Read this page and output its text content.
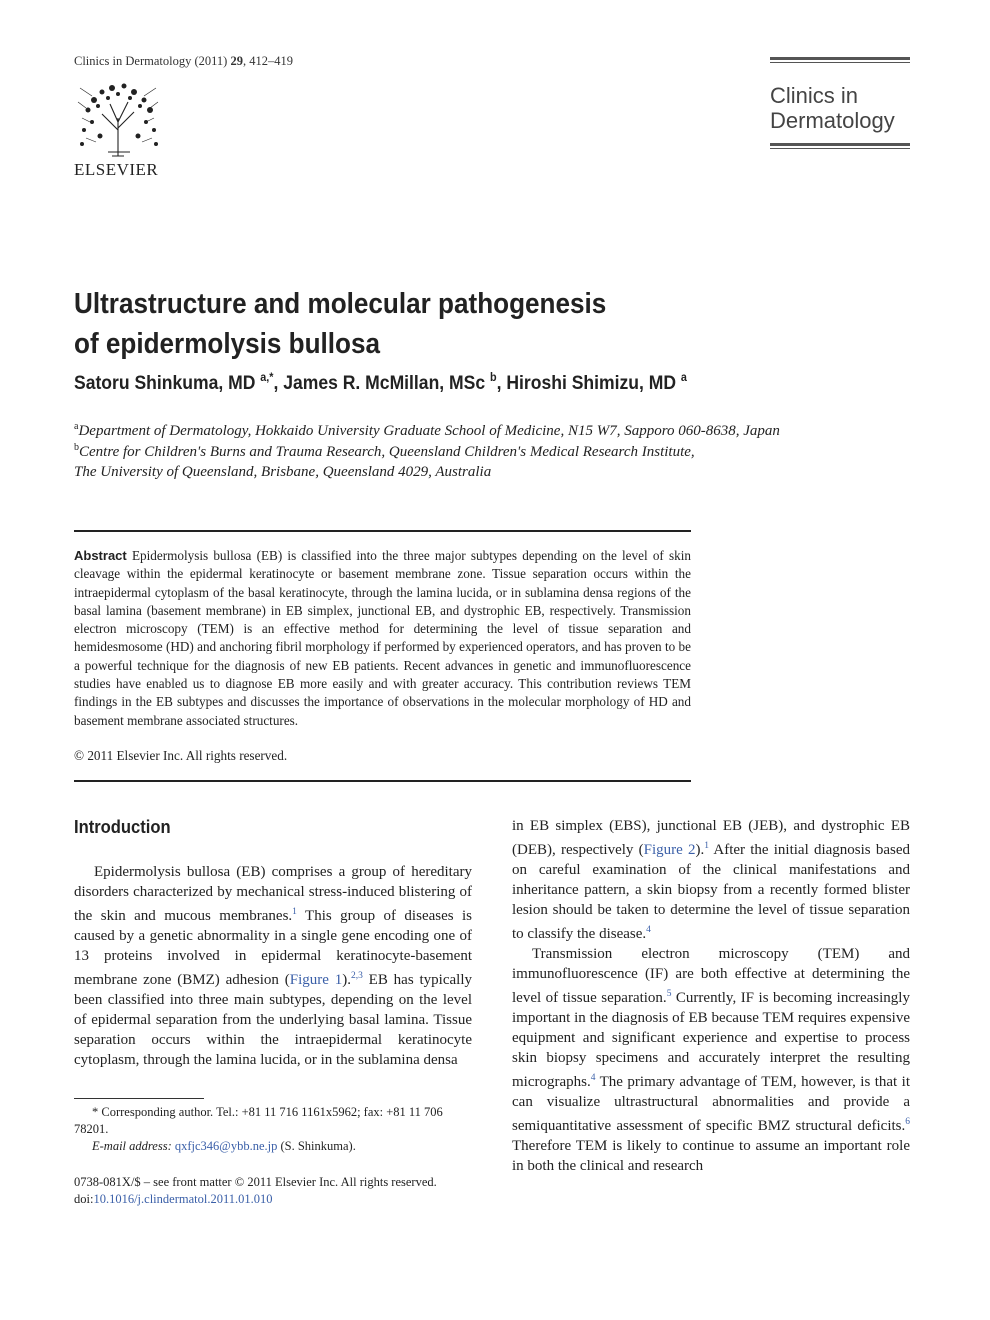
Clinics in Dermatology (2011) 29, 412–419
ELSEVIER
Clinics in
Dermatology
Ultrastructure and molecular pathogenesis
of epidermolysis bullosa
Satoru Shinkuma, MD $^{a,*}$, James R. McMillan, MSc $^b$, Hiroshi Shimizu, MD $^a$
$^a$Department of Dermatology, Hokkaido University Graduate School of Medicine, N15 W7, Sapporo 060-8638, Japan
$^b$Centre for Children's Burns and Trauma Research, Queensland Children's Medical Research Institute,
The University of Queensland, Brisbane, Queensland 4029, Australia
Abstract Epidermolysis bullosa (EB) is classified into the three major subtypes depending on the level of skin cleavage within the epidermal keratinocyte or basement membrane zone. Tissue separation occurs within the intraepidermal cytoplasm of the basal keratinocyte, through the lamina lucida, or in sublamina densa regions of the basal lamina (basement membrane) in EB simplex, junctional EB, and dystrophic EB, respectively. Transmission electron microscopy (TEM) is an effective method for determining the level of tissue separation and hemidesmosome (HD) and anchoring fibril morphology if performed by experienced operators, and has proven to be a powerful technique for the diagnosis of new EB patients. Recent advances in genetic and immunofluorescence studies have enabled us to diagnose EB more easily and with greater accuracy. This contribution reviews TEM findings in the EB subtypes and discusses the importance of observations in the molecular morphology of HD and basement membrane associated structures.
© 2011 Elsevier Inc. All rights reserved.
Introduction

Epidermolysis bullosa (EB) comprises a group of hereditary disorders characterized by mechanical stress-induced blistering of the skin and mucous membranes.$^1$ This group of diseases is caused by a genetic abnormality in a single gene encoding one of 13 proteins involved in epidermal keratinocyte-basement membrane zone (BMZ) adhesion (Figure 1).$^{2,3}$ EB has typically been classified into three main subtypes, depending on the level of epidermal separation from the underlying basal lamina. Tissue separation occurs within the intraepidermal keratinocyte cytoplasm, through the lamina lucida, or in the sublamina densa

in EB simplex (EBS), junctional EB (JEB), and dystrophic EB (DEB), respectively (Figure 2).$^1$ After the initial diagnosis based on careful examination of the clinical manifestations and inheritance pattern, a skin biopsy from a recently formed blister lesion should be taken to determine the level of tissue separation to classify the disease.$^4$

Transmission electron microscopy (TEM) and immunofluorescence (IF) are both effective at determining the level of tissue separation.$^5$ Currently, IF is becoming increasingly important in the diagnosis of EB because TEM requires expensive equipment and significant experience and expertise to process skin biopsy specimens and accurately interpret the resulting micrographs.$^4$ The primary advantage of TEM, however, is that it can visualize ultrastructural abnormalities and provide a semiquantitative assessment of specific BMZ structural deficits.$^6$ Therefore TEM is likely to continue to assume an important role in both the clinical and research

* Corresponding author. Tel.: +81 11 716 1161x5962; fax: +81 11 706 78201.

E-mail address: qxfjc346@ybb.ne.jp (S. Shinkuma).

0738-081X/$ – see front matter © 2011 Elsevier Inc. All rights reserved.

doi:10.1016/j.clindermatol.2011.01.010
